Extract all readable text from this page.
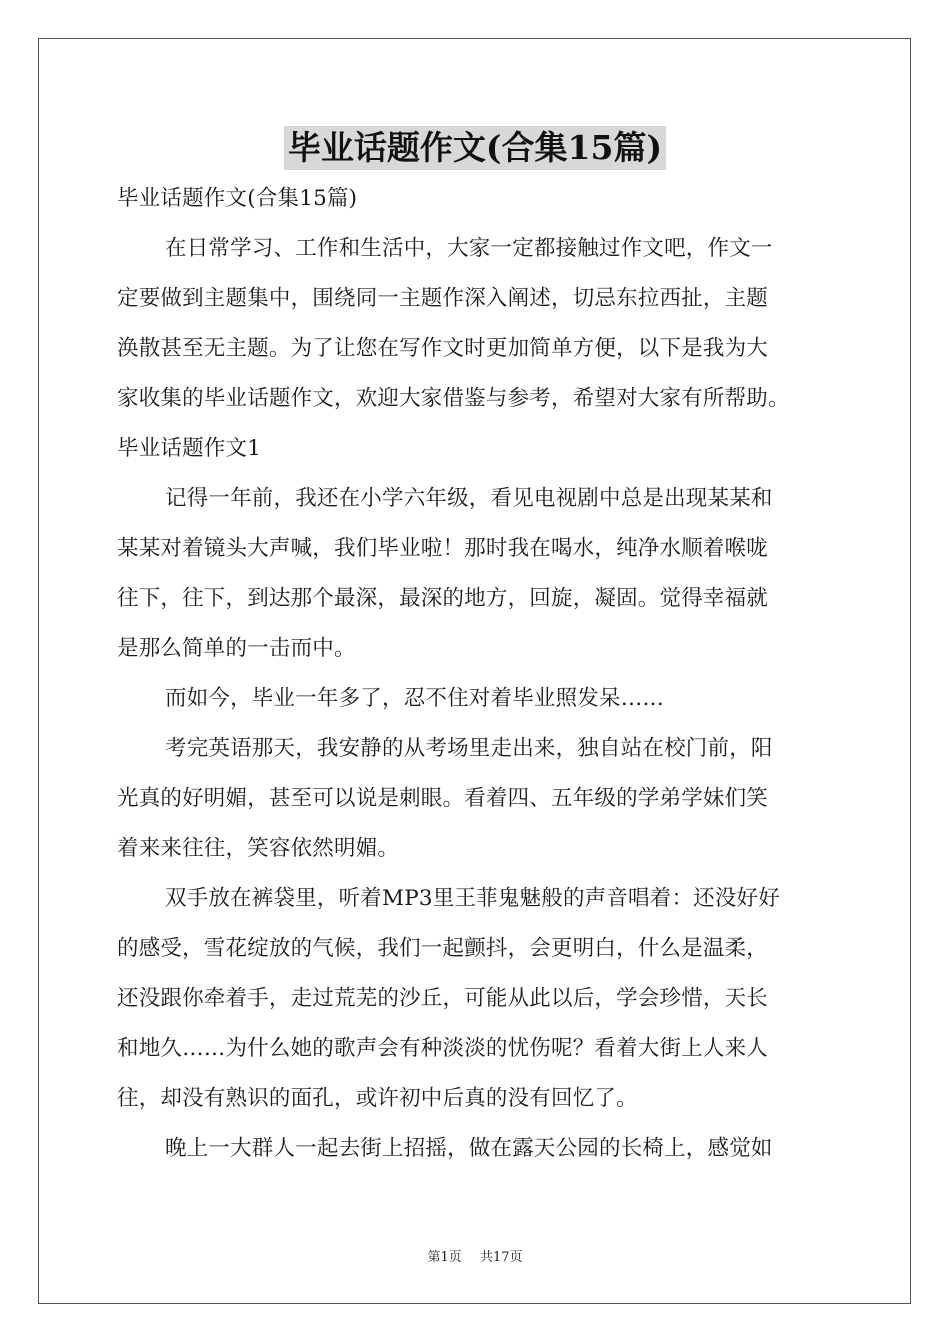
毕业话题作文(合集15篇)
毕业话题作文(合集15篇)
在日常学习、工作和生活中，大家一定都接触过作文吧，作文一
定要做到主题集中，围绕同一主题作深入阐述，切忌东拉西扯，主题
涣散甚至无主题。为了让您在写作文时更加简单方便，以下是我为大
家收集的毕业话题作文，欢迎大家借鉴与参考，希望对大家有所帮助。
毕业话题作文1
记得一年前，我还在小学六年级，看见电视剧中总是出现某某和
某某对着镜头大声喊，我们毕业啦！那时我在喝水，纯净水顺着喉咙
往下，往下，到达那个最深，最深的地方，回旋，凝固。觉得幸福就
是那么简单的一击而中。
而如今，毕业一年多了，忍不住对着毕业照发呆……
考完英语那天，我安静的从考场里走出来，独自站在校门前，阳
光真的好明媚，甚至可以说是刺眼。看着四、五年级的学弟学妹们笑
着来来往往，笑容依然明媚。
双手放在裤袋里，听着MP3里王菲鬼魅般的声音唱着：还没好好
的感受，雪花绽放的气候，我们一起颤抖，会更明白，什么是温柔，
还没跟你牵着手，走过荒芜的沙丘，可能从此以后，学会珍惜，天长
和地久……为什么她的歌声会有种淡淡的忧伤呢？看着大街上人来人
往，却没有熟识的面孔，或许初中后真的没有回忆了。
晚上一大群人一起去街上招摇，做在露天公园的长椅上，感觉如
第1页 共17页
